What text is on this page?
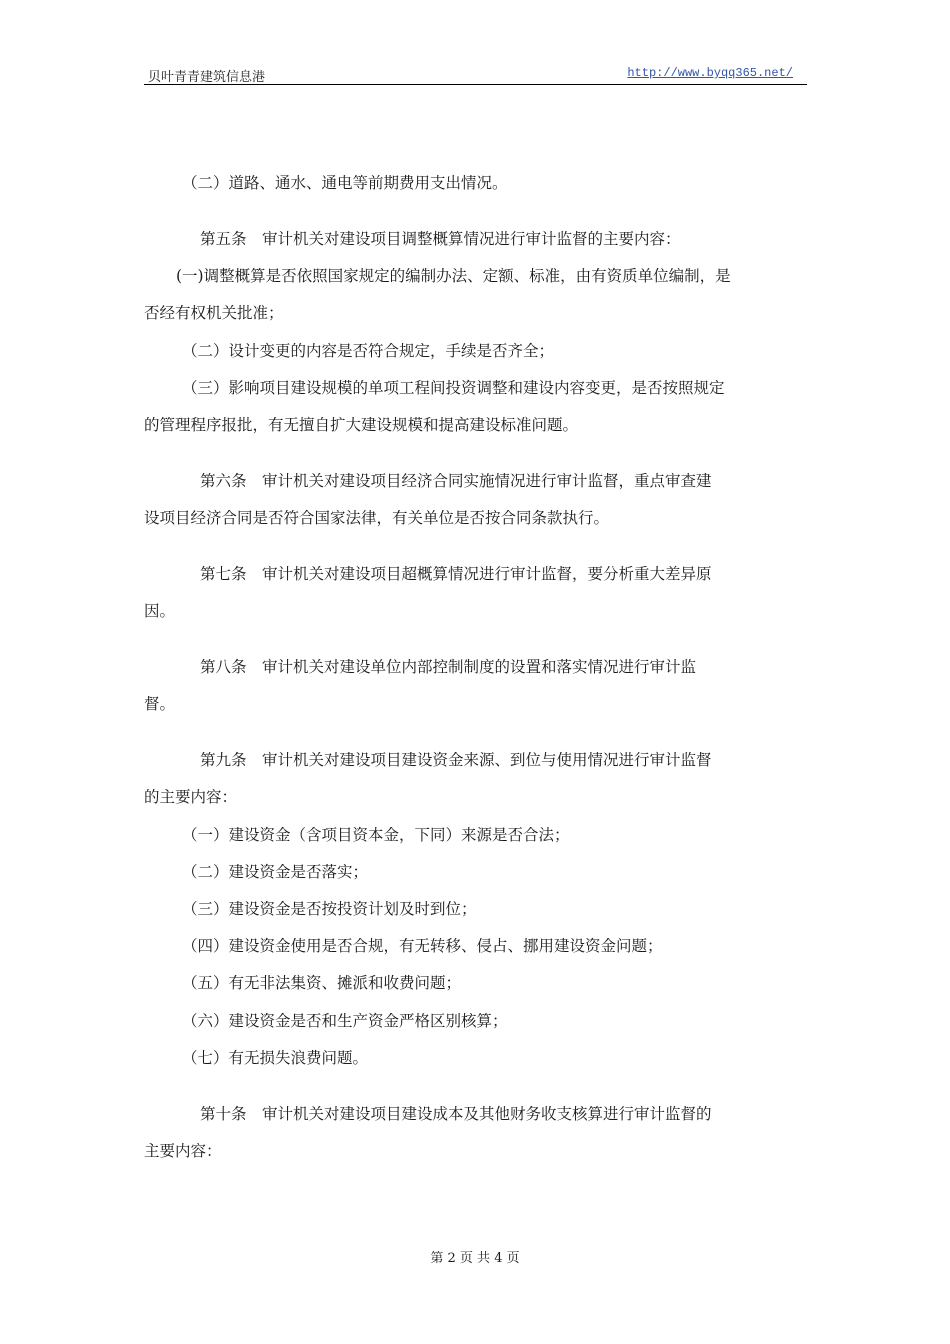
贝叶青青建筑信息港	http://www.byqq365.net/
（二）道路、通水、通电等前期费用支出情况。
第五条　审计机关对建设项目调整概算情况进行审计监督的主要内容：
(一)调整概算是否依照国家规定的编制办法、定额、标准，由有资质单位编制，是
否经有权机关批准；
（二）设计变更的内容是否符合规定，手续是否齐全；
（三）影响项目建设规模的单项工程间投资调整和建设内容变更，是否按照规定
的管理程序报批，有无擅自扩大建设规模和提高建设标准问题。
第六条　审计机关对建设项目经济合同实施情况进行审计监督，重点审查建
设项目经济合同是否符合国家法律，有关单位是否按合同条款执行。
第七条　审计机关对建设项目超概算情况进行审计监督，要分析重大差异原
因。
第八条　审计机关对建设单位内部控制制度的设置和落实情况进行审计监
督。
第九条　审计机关对建设项目建设资金来源、到位与使用情况进行审计监督
的主要内容：
（一）建设资金（含项目资本金，下同）来源是否合法；
（二）建设资金是否落实；
（三）建设资金是否按投资计划及时到位；
（四）建设资金使用是否合规，有无转移、侵占、挪用建设资金问题；
（五）有无非法集资、摊派和收费问题；
（六）建设资金是否和生产资金严格区别核算；
（七）有无损失浪费问题。
第十条　审计机关对建设项目建设成本及其他财务收支核算进行审计监督的
主要内容：
第 2 页 共 4 页
